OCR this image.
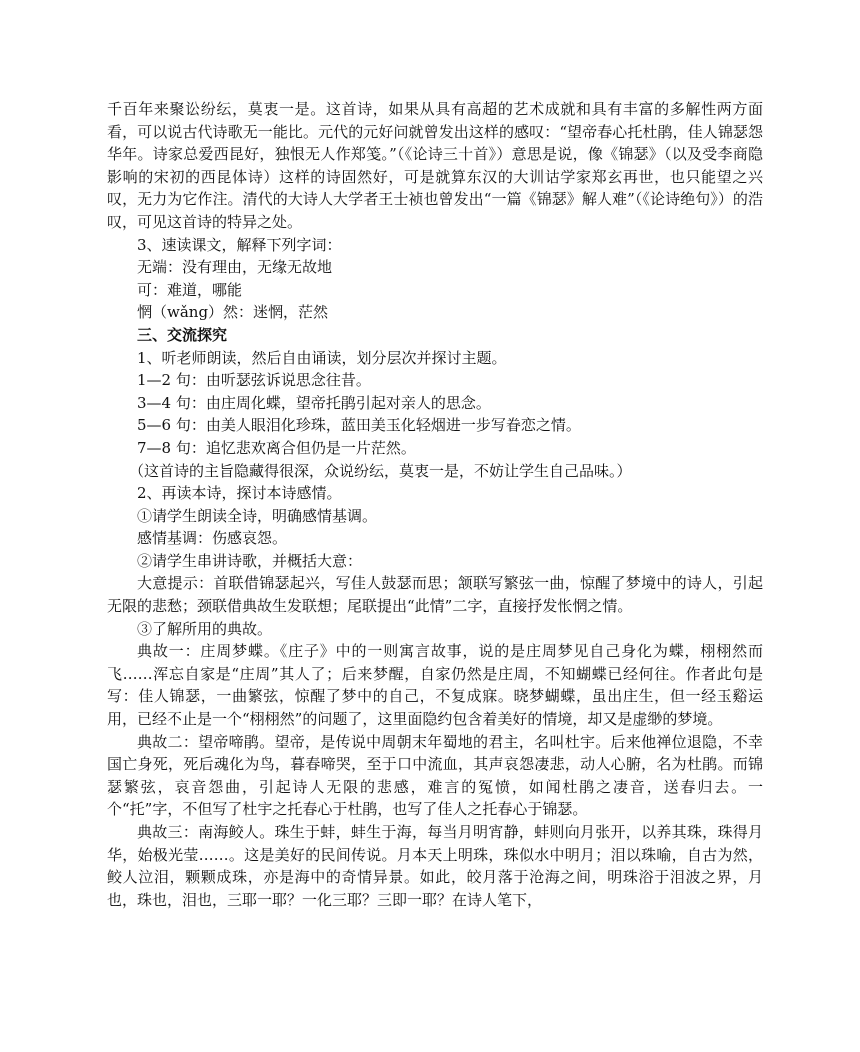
千百年来聚讼纷纭，莫衷一是。这首诗，如果从具有高超的艺术成就和具有丰富的多解性两方面看，可以说古代诗歌无一能比。元代的元好问就曾发出这样的感叹：“望帝春心托杜鹃，佳人锦瑟怨华年。诗家总爱西昆好，独恨无人作郑笺。”（《论诗三十首》）意思是说，像《锦瑟》（以及受李商隐影响的宋初的西昆体诗）这样的诗固然好，可是就算东汉的大训诂学家郑玄再世，也只能望之兴叹，无力为它作注。清代的大诗人大学者王士祯也曾发出“一篇《锦瑟》解人难”（《论诗绝句》）的浩叹，可见这首诗的特异之处。

3、速读课文，解释下列字词：

无端：没有理由，无缘无故地

可：难道，哪能

惘（wǎng）然：迷惘，茫然

三、交流探究

1、听老师朗读，然后自由诵读，划分层次并探讨主题。

1—2 句：由听瑟弦诉说思念往昔。

3—4 句：由庄周化蝶，望帝托鹃引起对亲人的思念。

5—6 句：由美人眼泪化珍珠，蓝田美玉化轻烟进一步写眷恋之情。

7—8 句：追忆悲欢离合但仍是一片茫然。

（这首诗的主旨隐藏得很深，众说纷纭，莫衷一是，不妨让学生自己品味。）

2、再读本诗，探讨本诗感情。

①请学生朗读全诗，明确感情基调。

感情基调：伤感哀怨。

②请学生串讲诗歌，并概括大意：

大意提示：首联借锦瑟起兴，写佳人鼓瑟而思；颔联写繁弦一曲，惊醒了梦境中的诗人，引起无限的悲愁；颈联借典故生发联想；尾联提出“此情”二字，直接抒发怅惘之情。

③了解所用的典故。

典故一：庄周梦蝶。《庄子》中的一则寓言故事，说的是庄周梦见自己身化为蝶，栩栩然而飞……浑忘自家是“庄周”其人了；后来梦醒，自家仍然是庄周，不知蝴蝶已经何往。作者此句是写：佳人锦瑟，一曲繁弦，惊醒了梦中的自己，不复成寐。晓梦蝴蝶，虽出庄生，但一经玉谿运用，已经不止是一个“栩栩然”的问题了，这里面隐约包含着美好的情境，却又是虚缈的梦境。

典故二：望帝啼鹃。望帝，是传说中周朝末年蜀地的君主，名叫杜宇。后来他禅位退隐，不幸国亡身死，死后魂化为鸟，暮春啼哭，至于口中流血，其声哀怨凄悲，动人心腑，名为杜鹃。而锦瑟繁弦，哀音怨曲，引起诗人无限的悲感，难言的冤愤，如闻杜鹃之凄音，送春归去。一个“托”字，不但写了杜宇之托春心于杜鹃，也写了佳人之托春心于锦瑟。

典故三：南海鲛人。珠生于蚌，蚌生于海，每当月明宵静，蚌则向月张开，以养其珠，珠得月华，始极光莹……。这是美好的民间传说。月本天上明珠，珠似水中明月；泪以珠喻，自古为然，鲛人泣泪，颗颗成珠，亦是海中的奇情异景。如此，皎月落于沧海之间，明珠浴于泪波之界，月也，珠也，泪也，三耶一耶？一化三耶？三即一耶？在诗人笔下，
